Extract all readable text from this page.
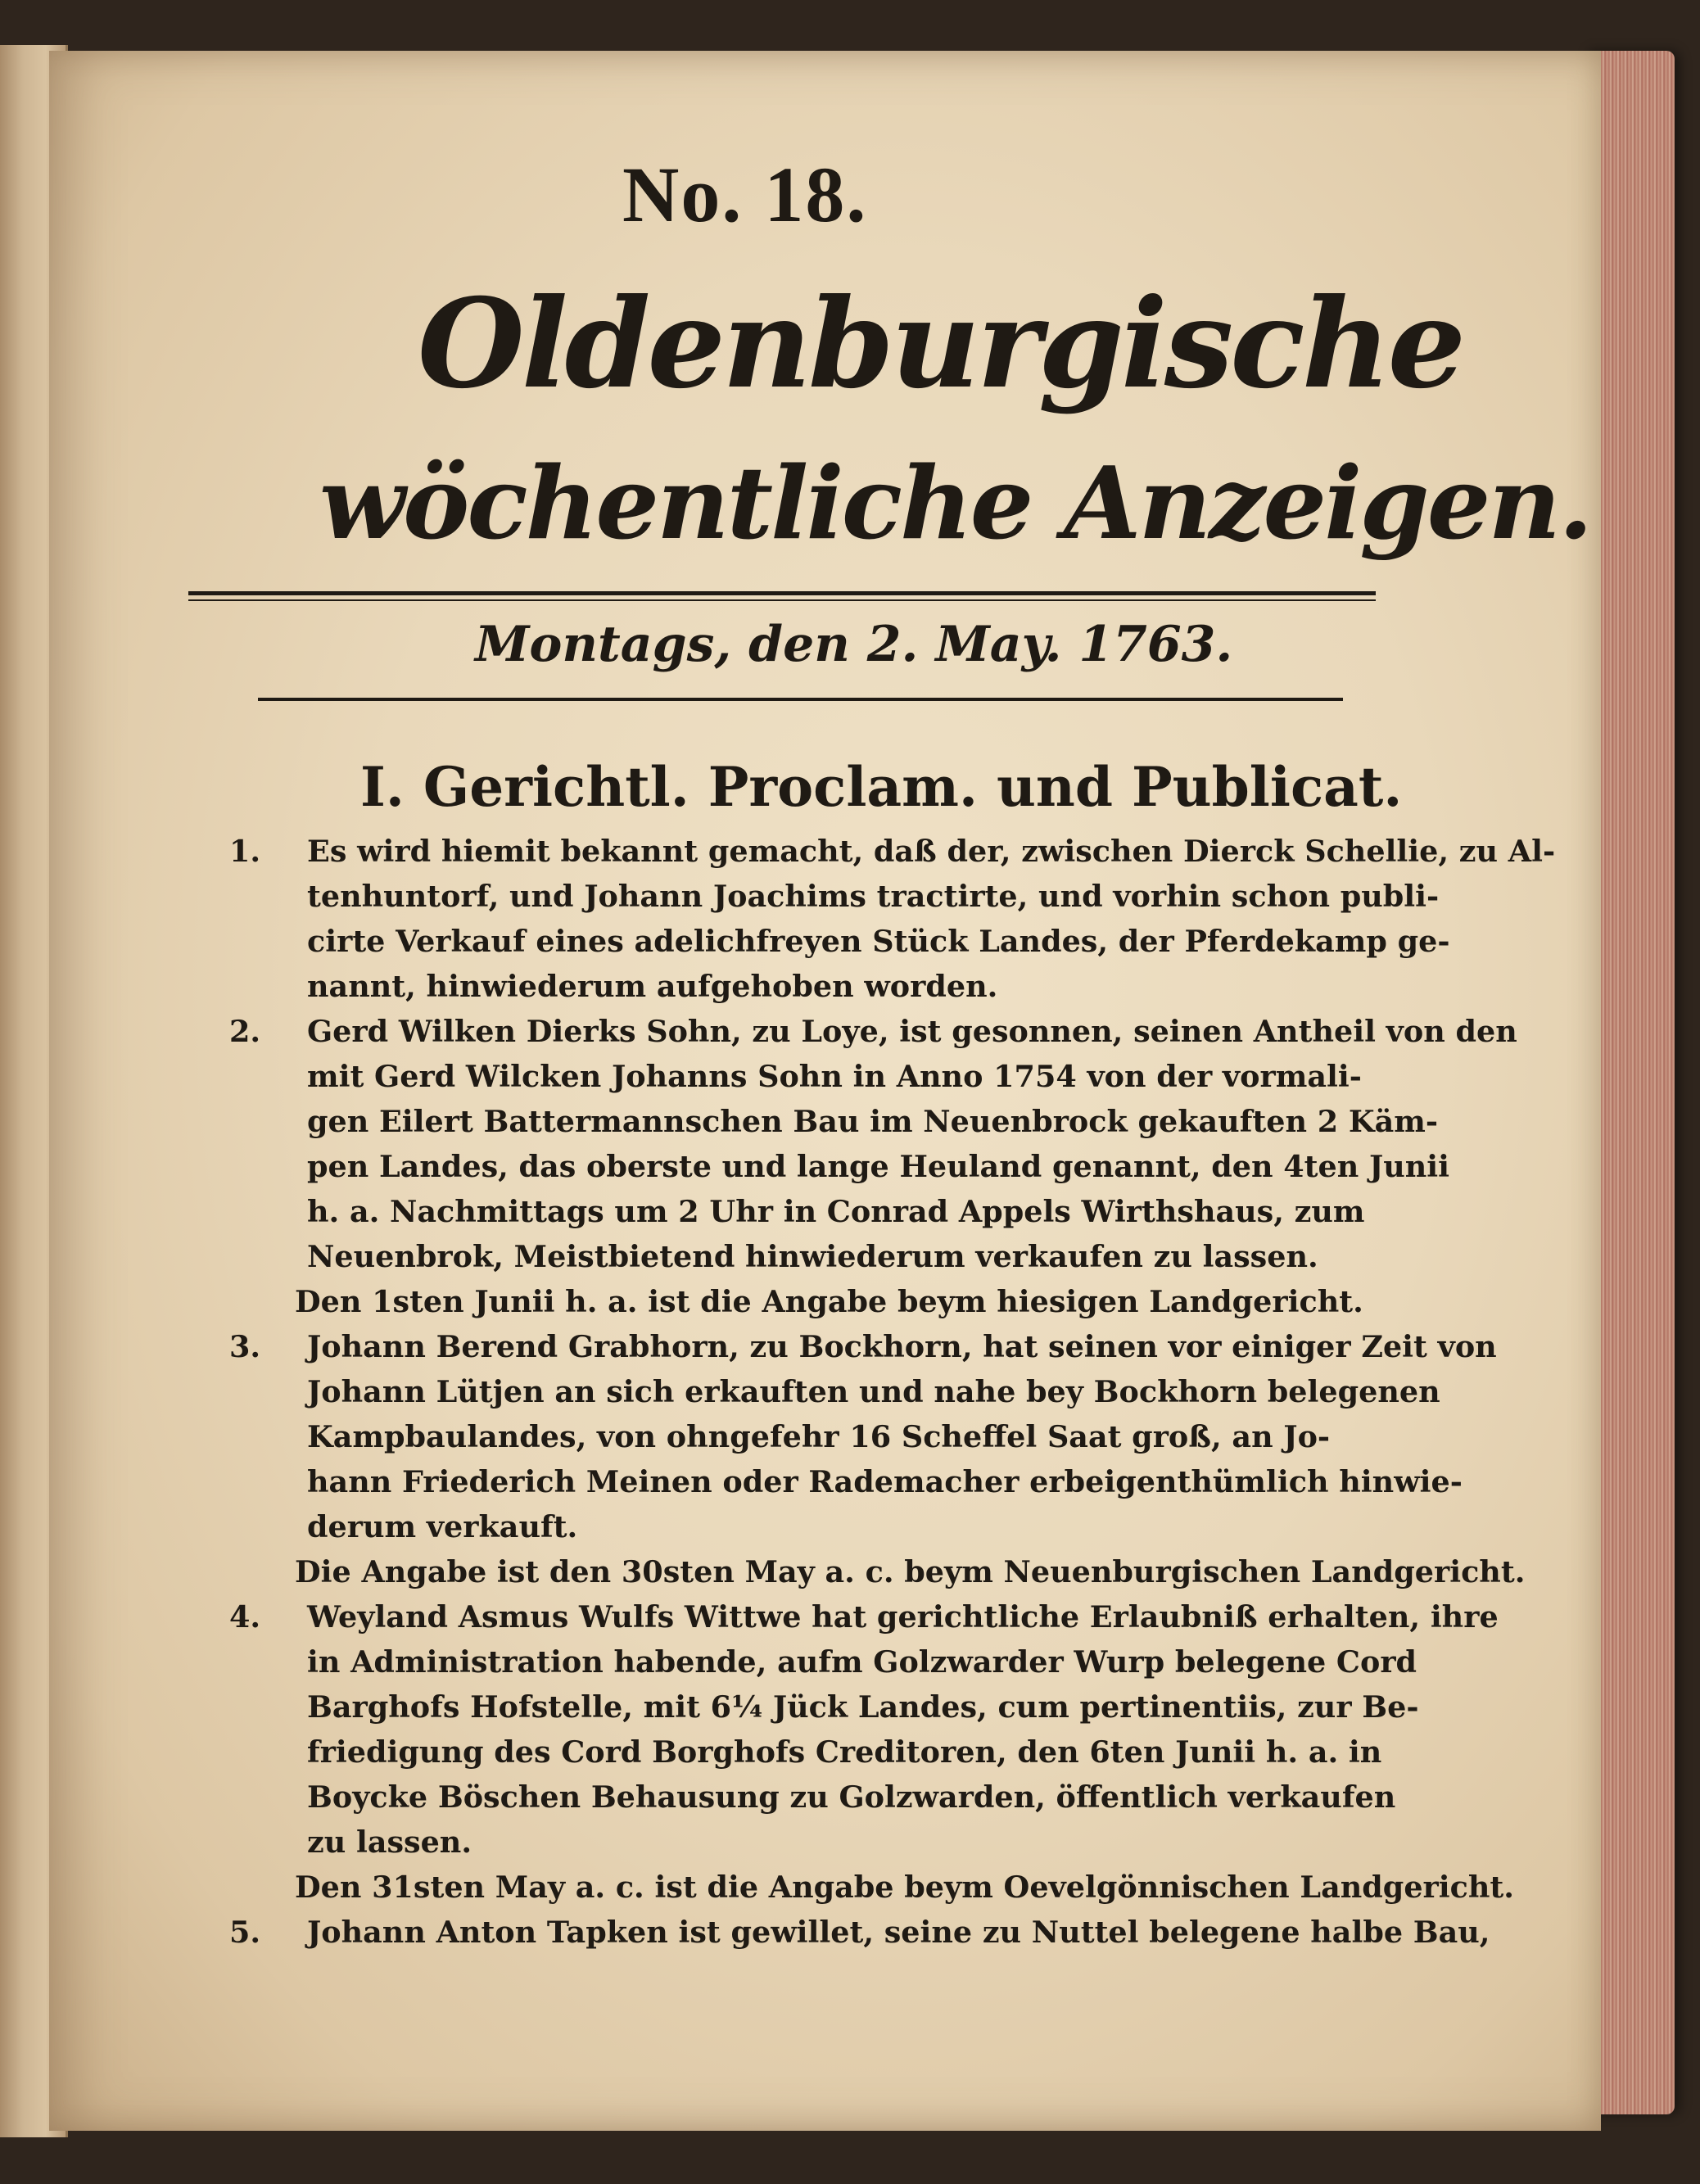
No. 18.
Oldenburgische
wöchentliche Anzeigen.
Montags, den 2. May. 1763.
I. Gerichtl. Proclam. und Publicat.
1. Es wird hiemit bekannt gemacht, daß der, zwischen Dierck Schellie, zu Al-
tenhuntorf, und Johann Joachims tractirte, und vorhin schon publi-
cirte Verkauf eines adelichfreyen Stück Landes, der Pferdekamp ge-
nannt, hinwiederum aufgehoben worden.
2. Gerd Wilken Dierks Sohn, zu Loye, ist gesonnen, seinen Antheil von den
mit Gerd Wilcken Johanns Sohn in Anno 1754 von der vormali-
gen Eilert Battermannschen Bau im Neuenbrock gekauften 2 Käm-
pen Landes, das oberste und lange Heuland genannt, den 4ten Junii
h. a. Nachmittags um 2 Uhr in Conrad Appels Wirthshaus, zum
Neuenbrok, Meistbietend hinwiederum verkaufen zu lassen.
Den 1sten Junii h. a. ist die Angabe beym hiesigen Landgericht.
3. Johann Berend Grabhorn, zu Bockhorn, hat seinen vor einiger Zeit von
Johann Lütjen an sich erkauften und nahe bey Bockhorn belegenen
Kampbaulandes, von ohngefehr 16 Scheffel Saat groß, an Jo-
hann Friederich Meinen oder Rademacher erbeigenthümlich hinwie-
derum verkauft.
Die Angabe ist den 30sten May a. c. beym Neuenburgischen Landgericht.
4. Weyland Asmus Wulfs Wittwe hat gerichtliche Erlaubniß erhalten, ihre
in Administration habende, aufm Golzwarder Wurp belegene Cord
Barghofs Hofstelle, mit 6¼ Jück Landes, cum pertinentiis, zur Be-
friedigung des Cord Borghofs Creditoren, den 6ten Junii h. a. in
Boycke Böschen Behausung zu Golzwarden, öffentlich verkaufen
zu lassen.
Den 31sten May a. c. ist die Angabe beym Oevelgönnischen Landgericht.
5. Johann Anton Tapken ist gewillet, seine zu Nuttel belegene halbe Bau,
